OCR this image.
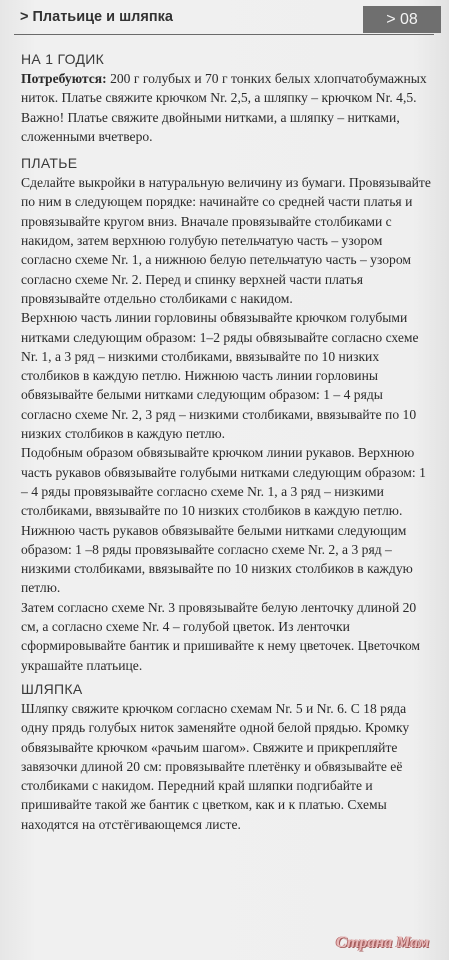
> Платьице и шляпка	> 08

НА 1 ГОДИК

Потребуются: 200 г голубых и 70 г тонких белых хлопчатобумажных ниток. Платье свяжите крючком Nr. 2,5, а шляпку – крючком Nr. 4,5.

Важно! Платье свяжите двойными нитками, а шляпку – нитками, сложенными вчетверо.

ПЛАТЬЕ

Сделайте выкройки в натуральную величину из бумаги. Провязывайте по ним в следующем порядке: начинайте со средней части платья и провязывайте кругом вниз. Вначале провязывайте столбиками с накидом, затем верхнюю голубую петельчатую часть – узором согласно схеме Nr. 1, а нижнюю белую петельчатую часть – узором согласно схеме Nr. 2. Перед и спинку верхней части платья провязывайте отдельно столбиками с накидом.

Верхнюю часть линии горловины обвязывайте крючком голубыми нитками следующим образом: 1–2 ряды обвязывайте согласно схеме Nr. 1, а 3 ряд – низкими столбиками, ввязывайте по 10 низких столбиков в каждую петлю. Нижнюю часть линии горловины обвязывайте белыми нитками следующим образом: 1 – 4 ряды согласно схеме Nr. 2, 3 ряд – низкими столбиками, ввязывайте по 10 низких столбиков в каждую петлю.

Подобным образом обвязывайте крючком линии рукавов. Верхнюю часть рукавов обвязывайте голубыми нитками следующим образом: 1 – 4 ряды провязывайте согласно схеме Nr. 1, а 3 ряд – низкими столбиками, ввязывайте по 10 низких столбиков в каждую петлю. Нижнюю часть рукавов обвязывайте белыми нитками следующим образом: 1 –8 ряды провязывайте согласно схеме Nr. 2, а 3 ряд – низкими столбиками, ввязывайте по 10 низких столбиков в каждую петлю.

Затем согласно схеме Nr. 3 провязывайте белую ленточку длиной 20 см, а согласно схеме Nr. 4 – голубой цветок. Из ленточки сформировывайте бантик и пришивайте к нему цветочек. Цветочком украшайте платьице.

ШЛЯПКА

Шляпку свяжите крючком согласно схемам Nr. 5 и Nr. 6. С 18 ряда одну прядь голубых ниток заменяйте одной белой прядью. Кромку обвязывайте крючком «рачьим шагом». Свяжите и прикрепляйте завязочки длиной 20 см: провязывайте плетёнку и обвязывайте её столбиками с накидом. Передний край шляпки подгибайте и пришивайте такой же бантик с цветком, как и к платью. Схемы находятся на отстёгивающемся листе.

Страна Мам
